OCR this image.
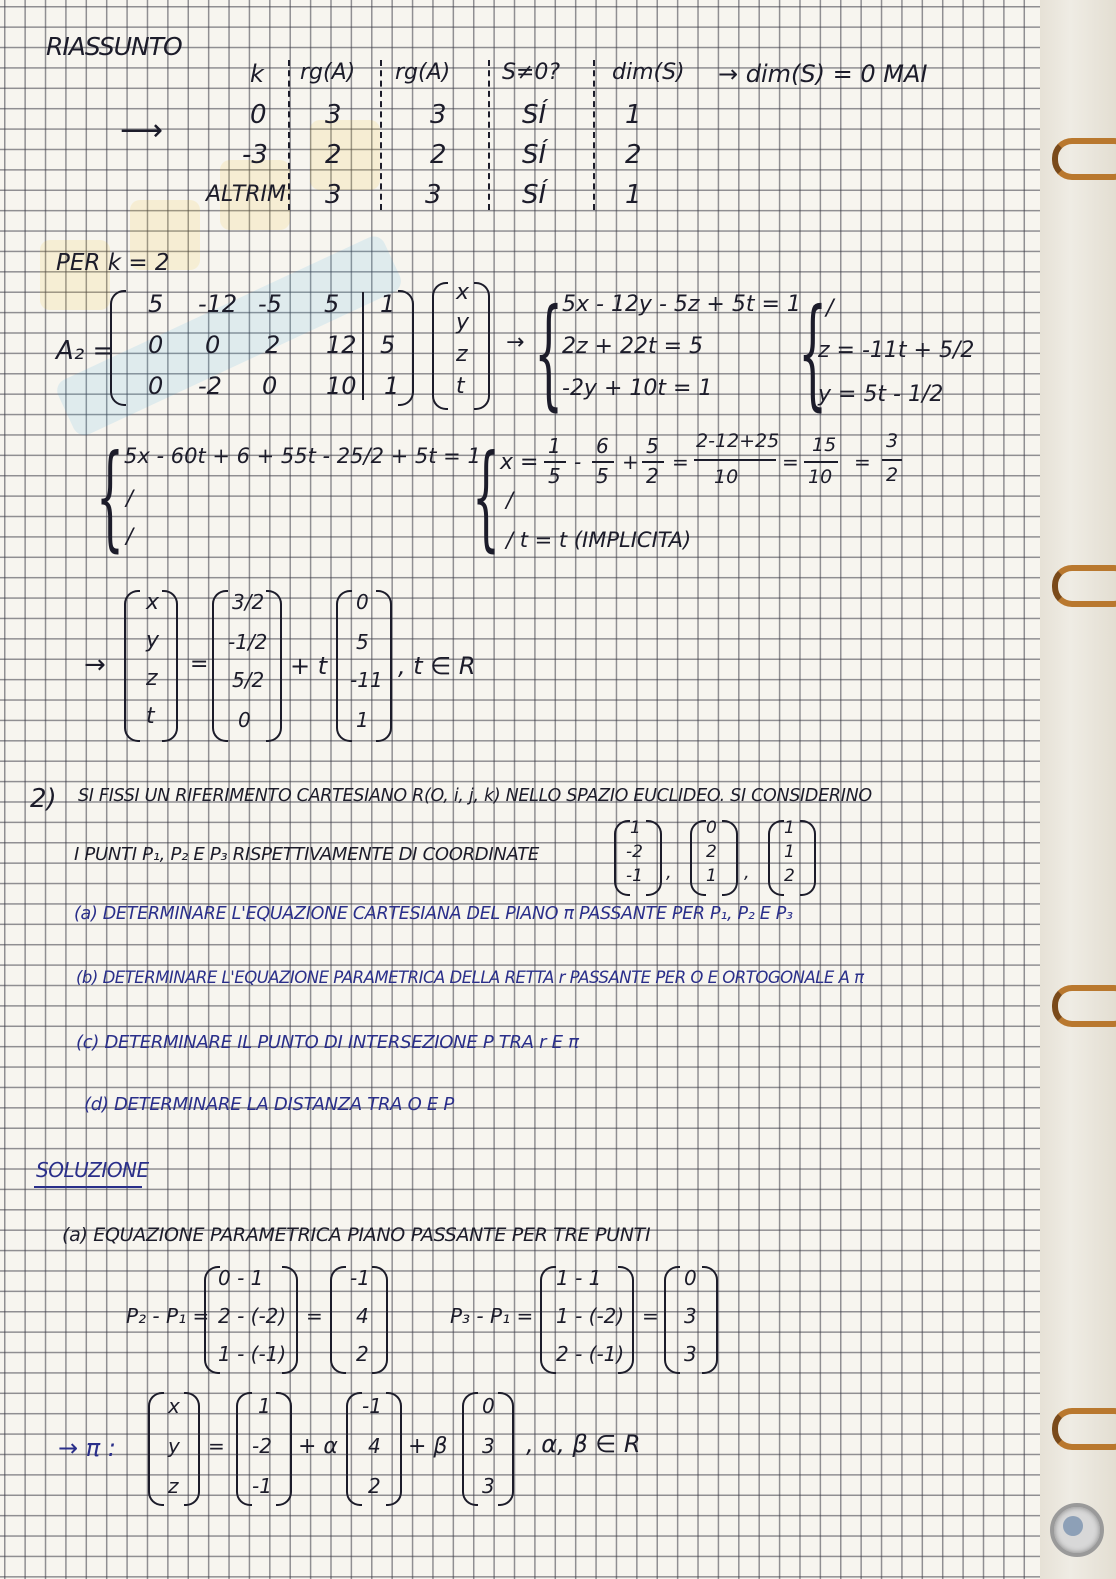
RIASSUNTO
k rg(A) rg(A) S≠0? dim(S) → dim(S) = 0 MAI
⟶	0 3	3	SÍ	1
-3 2	2	SÍ	2
ALTRIM 3	3	SÍ	1
PER k = 2
A₂ =
5 -12 -5 5 1
0 0 2 12 5
0 -2 0 10 1
x
y
z
t
→ {
5x - 12y - 5z + 5t = 1
2z + 22t = 5
-2y + 10t = 1 {
/
z = -11t + 5/2
y = 5t - 1/2
{ 5x - 60t + 6 + 55t - 25/2 + 5t = 1
/
/	{ x =
1
5
-
6
5
+
5
2
=
2-12+25
10
=
15
10
=
3
2
/
/ t = t (IMPLICITA)
→
x
y
z
t
=
3/2
-1/2
5/2
0
+ t
0
5
-11
1
, t ∈ R
2) SI FISSI UN RIFERIMENTO CARTESIANO R(O, i, j, k) NELLO SPAZIO EUCLIDEO. SI CONSIDERINO
I PUNTI P₁, P₂ E P₃ RISPETTIVAMENTE DI COORDINATE
1
-2
-1 ,
0
2
1 ,
1
1
2
(a) DETERMINARE L'EQUAZIONE CARTESIANA DEL PIANO π PASSANTE PER P₁, P₂ E P₃
(b) DETERMINARE L'EQUAZIONE PARAMETRICA DELLA RETTA r PASSANTE PER O E ORTOGONALE A π
(c) DETERMINARE IL PUNTO DI INTERSEZIONE P TRA r E π
(d) DETERMINARE LA DISTANZA TRA O E P
SOLUZIONE
(a) EQUAZIONE PARAMETRICA PIANO PASSANTE PER TRE PUNTI
P₂ - P₁ =
0 - 1
2 - (-2)
1 - (-1)
=
-1
4
2
P₃ - P₁ =
1 - 1
1 - (-2)
2 - (-1)
=
0
3
3
→ π :
x
y
z
=
1
-2
-1
+ α
-1
4
2
+ β
0
3
3
, α, β ∈ R
